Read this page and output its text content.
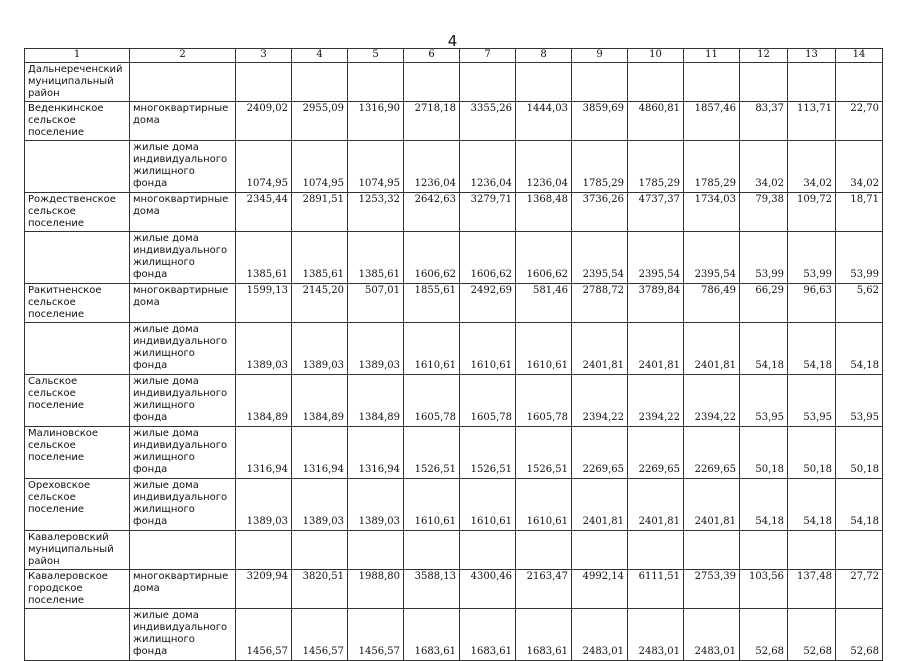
4
1	2	3	4	5	6	7	8	9	10	11	12	13	14
Дальнереченский муниципальный район													
Веденкинское сельское поселение	многоквартирные дома	2409,02	2955,09	1316,90	2718,18	3355,26	1444,03	3859,69	4860,81	1857,46	83,37	113,71	22,70
	жилые дома индивидуального жилищного фонда	1074,95	1074,95	1074,95	1236,04	1236,04	1236,04	1785,29	1785,29	1785,29	34,02	34,02	34,02
Рождественское сельское поселение	многоквартирные дома	2345,44	2891,51	1253,32	2642,63	3279,71	1368,48	3736,26	4737,37	1734,03	79,38	109,72	18,71
	жилые дома индивидуального жилищного фонда	1385,61	1385,61	1385,61	1606,62	1606,62	1606,62	2395,54	2395,54	2395,54	53,99	53,99	53,99
Ракитненское сельское поселение	многоквартирные дома	1599,13	2145,20	507,01	1855,61	2492,69	581,46	2788,72	3789,84	786,49	66,29	96,63	5,62
	жилые дома индивидуального жилищного фонда	1389,03	1389,03	1389,03	1610,61	1610,61	1610,61	2401,81	2401,81	2401,81	54,18	54,18	54,18
Сальское сельское поселение	жилые дома индивидуального жилищного фонда	1384,89	1384,89	1384,89	1605,78	1605,78	1605,78	2394,22	2394,22	2394,22	53,95	53,95	53,95
Малиновское сельское поселение	жилые дома индивидуального жилищного фонда	1316,94	1316,94	1316,94	1526,51	1526,51	1526,51	2269,65	2269,65	2269,65	50,18	50,18	50,18
Ореховское сельское поселение	жилые дома индивидуального жилищного фонда	1389,03	1389,03	1389,03	1610,61	1610,61	1610,61	2401,81	2401,81	2401,81	54,18	54,18	54,18
Кавалеровский муниципальный район													
Кавалеровское городское поселение	многоквартирные дома	3209,94	3820,51	1988,80	3588,13	4300,46	2163,47	4992,14	6111,51	2753,39	103,56	137,48	27,72
	жилые дома индивидуального жилищного фонда	1456,57	1456,57	1456,57	1683,61	1683,61	1683,61	2483,01	2483,01	2483,01	52,68	52,68	52,68
